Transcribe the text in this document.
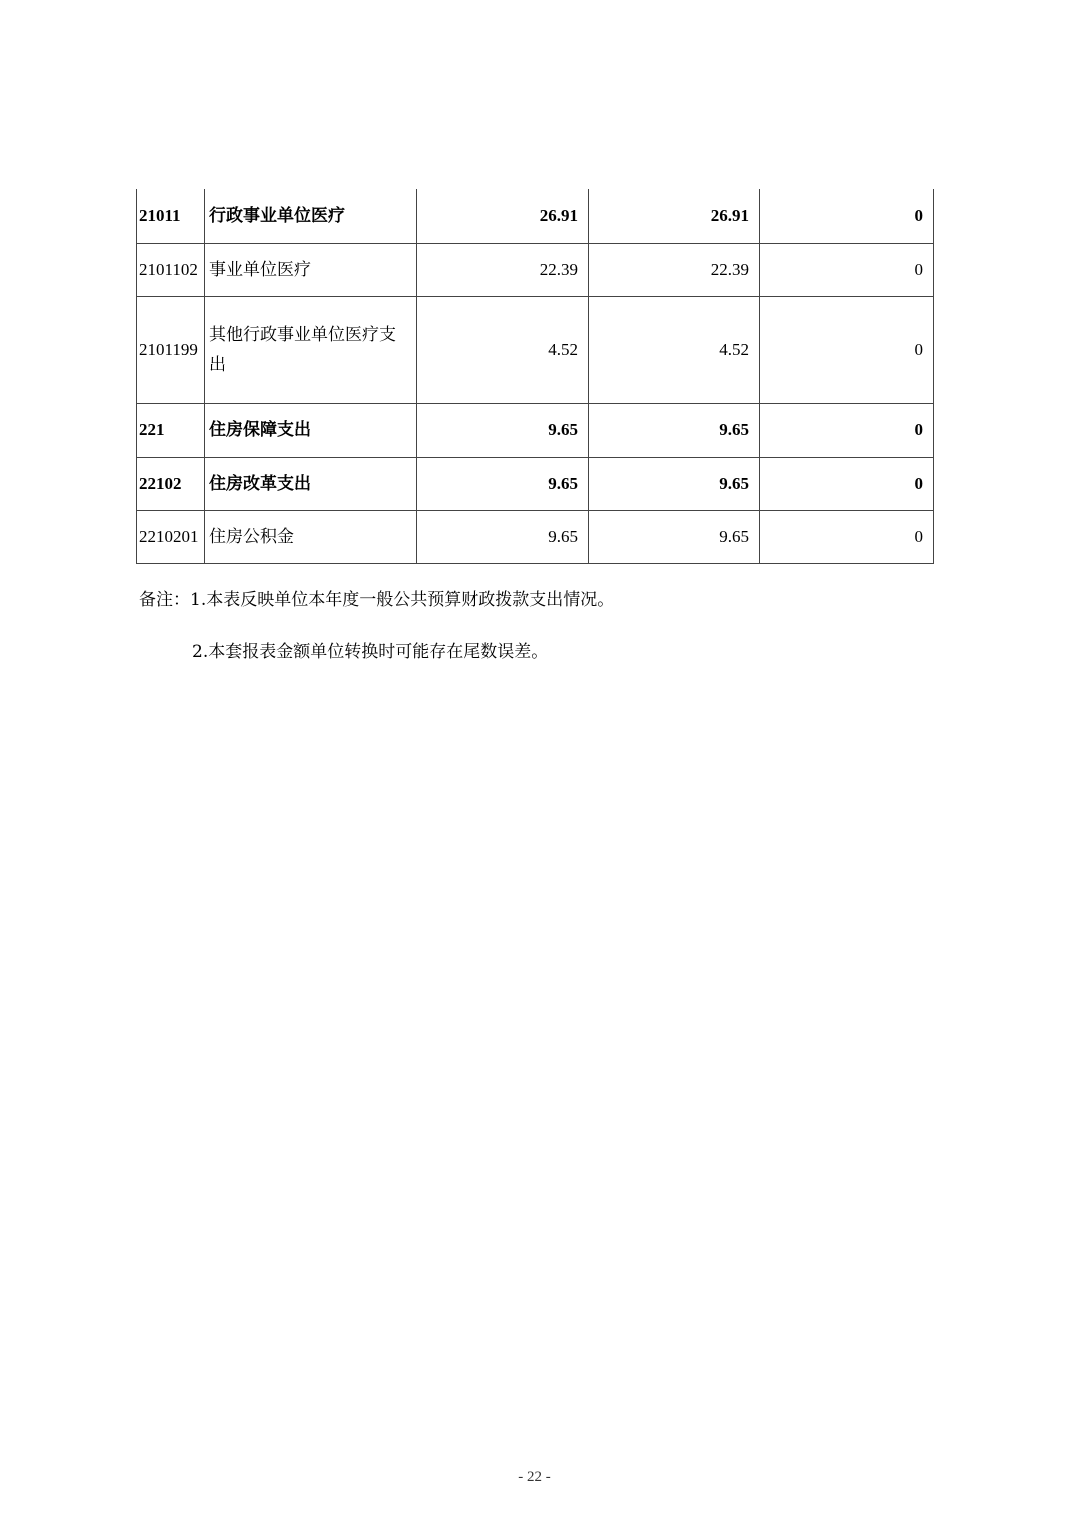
21011	行政事业单位医疗	26.91	26.91	0
2101102	事业单位医疗	22.39	22.39	0
2101199	其他行政事业单位医疗支出	4.52	4.52	0
221	住房保障支出	9.65	9.65	0
22102	住房改革支出	9.65	9.65	0
2210201	住房公积金	9.65	9.65	0

备注：1.本表反映单位本年度一般公共预算财政拨款支出情况。

2.本套报表金额单位转换时可能存在尾数误差。

- 22 -
